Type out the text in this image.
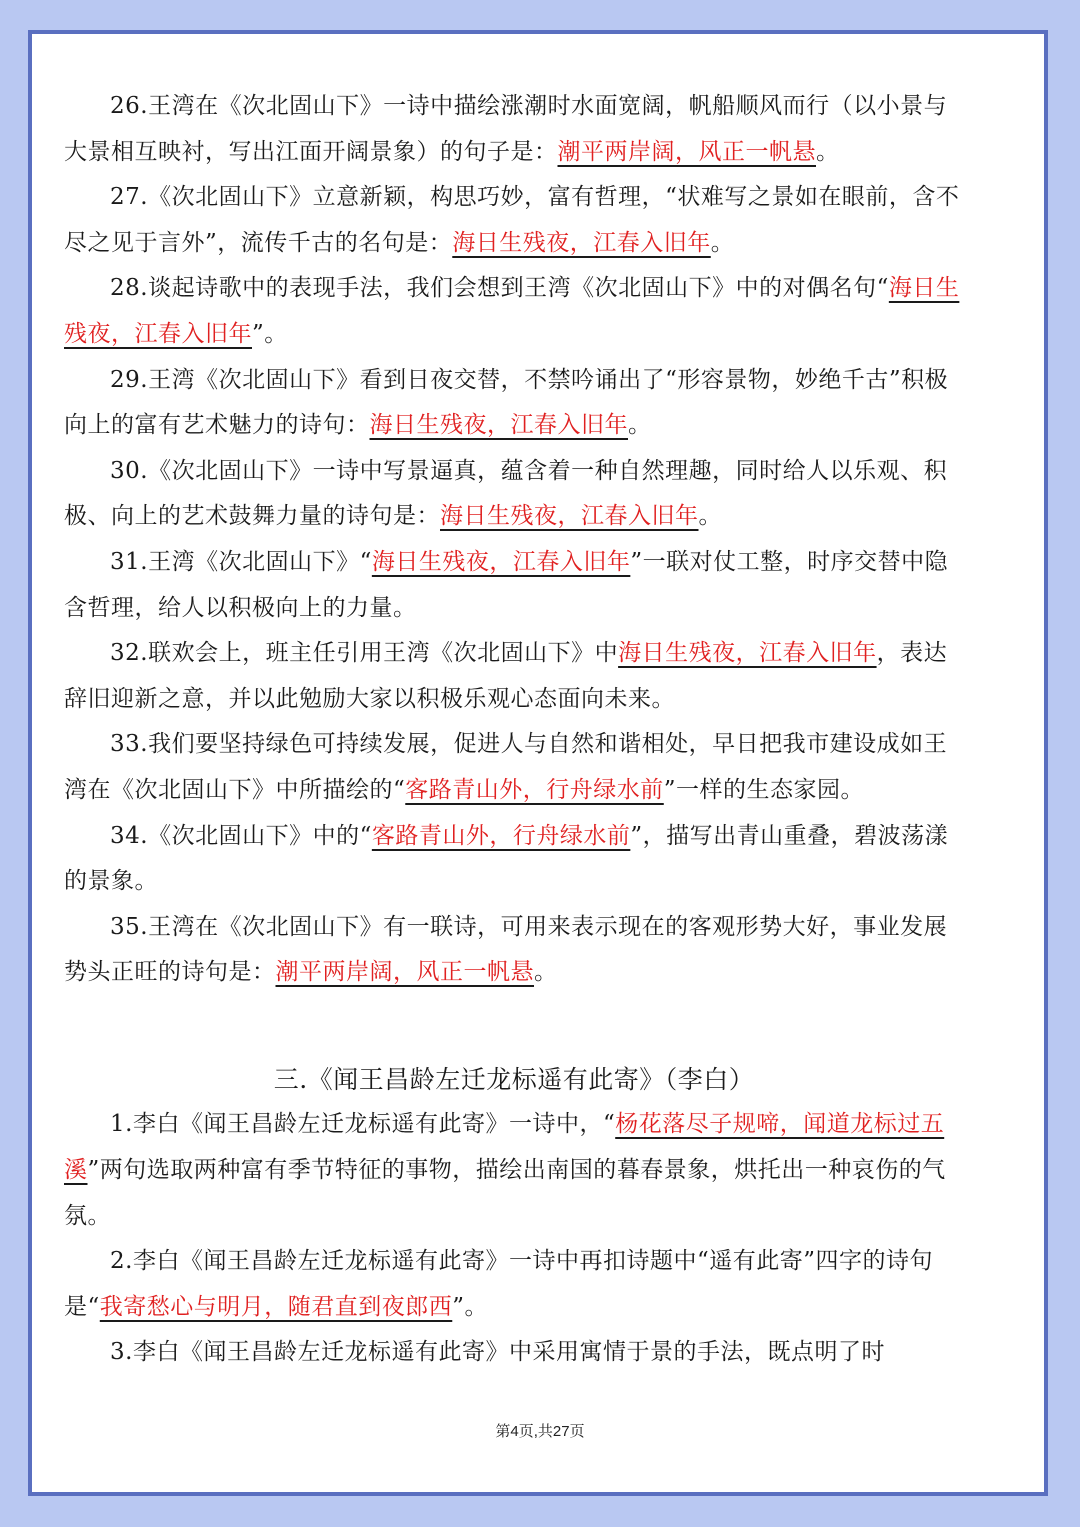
26.王湾在《次北固山下》一诗中描绘涨潮时水面宽阔，帆船顺风而行（以小景与大景相互映衬，写出江面开阔景象）的句子是：潮平两岸阔，风正一帆悬。

27.《次北固山下》立意新颖，构思巧妙，富有哲理，“状难写之景如在眼前，含不尽之见于言外”，流传千古的名句是：海日生残夜，江春入旧年。

28.谈起诗歌中的表现手法，我们会想到王湾《次北固山下》中的对偶名句“海日生残夜，江春入旧年”。

29.王湾《次北固山下》看到日夜交替，不禁吟诵出了“形容景物，妙绝千古”积极向上的富有艺术魅力的诗句：海日生残夜，江春入旧年。

30.《次北固山下》一诗中写景逼真，蕴含着一种自然理趣，同时给人以乐观、积极、向上的艺术鼓舞力量的诗句是：海日生残夜，江春入旧年。

31.王湾《次北固山下》“海日生残夜，江春入旧年”一联对仗工整，时序交替中隐含哲理，给人以积极向上的力量。

32.联欢会上，班主任引用王湾《次北固山下》中海日生残夜，江春入旧年，表达辞旧迎新之意，并以此勉励大家以积极乐观心态面向未来。

33.我们要坚持绿色可持续发展，促进人与自然和谐相处，早日把我市建设成如王湾在《次北固山下》中所描绘的“客路青山外，行舟绿水前”一样的生态家园。

34.《次北固山下》中的“客路青山外，行舟绿水前”，描写出青山重叠，碧波荡漾的景象。

35.王湾在《次北固山下》有一联诗，可用来表示现在的客观形势大好，事业发展势头正旺的诗句是：潮平两岸阔，风正一帆悬。

三.《闻王昌龄左迁龙标遥有此寄》（李白）

1.李白《闻王昌龄左迁龙标遥有此寄》一诗中，“杨花落尽子规啼，闻道龙标过五溪”两句选取两种富有季节特征的事物，描绘出南国的暮春景象，烘托出一种哀伤的气氛。

2.李白《闻王昌龄左迁龙标遥有此寄》一诗中再扣诗题中“遥有此寄”四字的诗句是“我寄愁心与明月，随君直到夜郎西”。

3.李白《闻王昌龄左迁龙标遥有此寄》中采用寓情于景的手法，既点明了时

第4页,共27页
